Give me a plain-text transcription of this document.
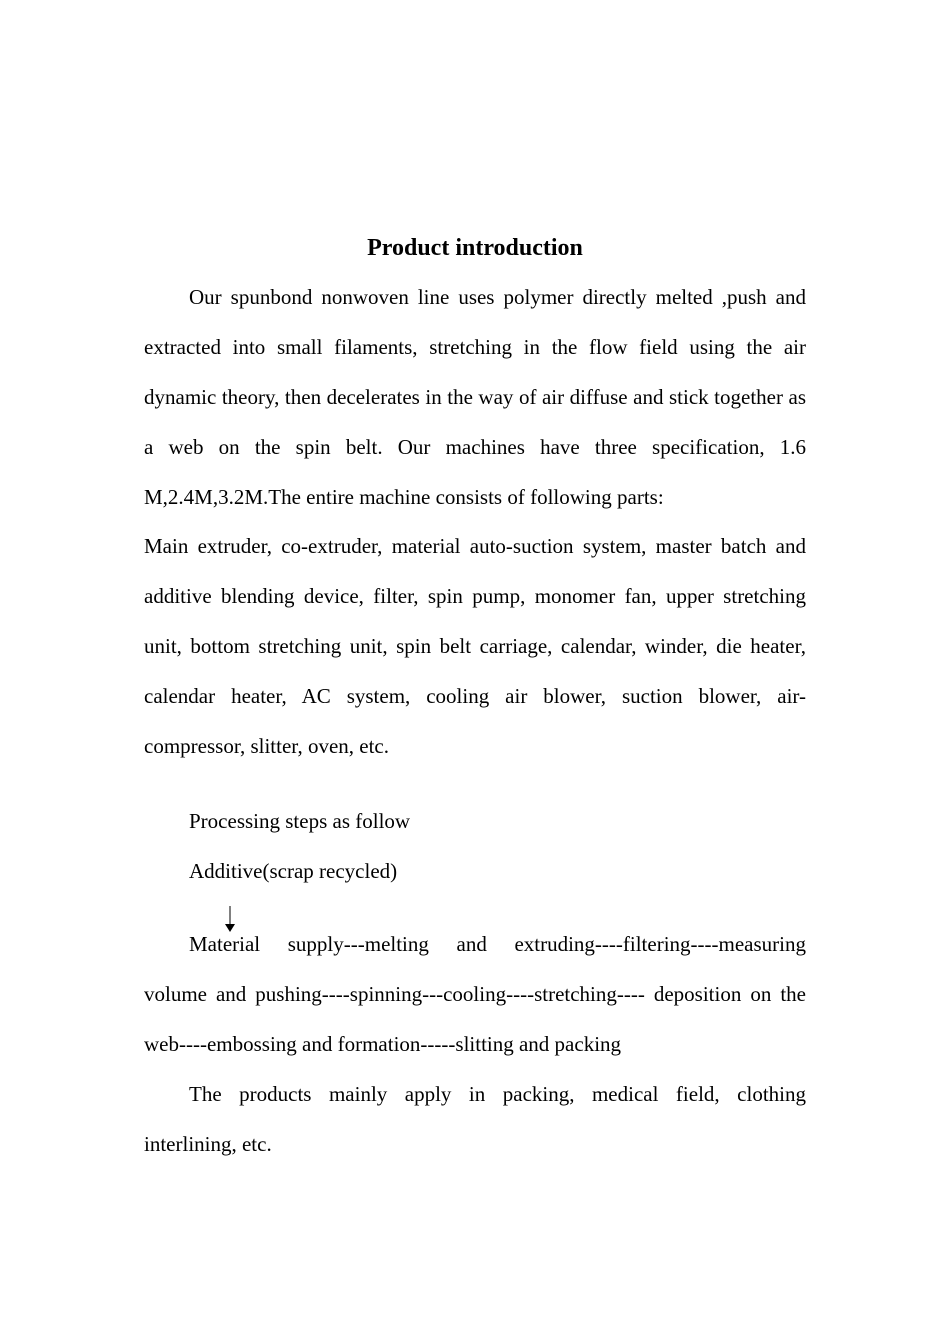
Product introduction

Our spunbond nonwoven line uses polymer directly melted ,push and extracted into small filaments, stretching in the flow field using the air dynamic theory, then decelerates in the way of air diffuse and stick together as a web on the spin belt. Our machines have three specification, 1.6 M,2.4M,3.2M.The entire machine consists of following parts:

Main extruder, co-extruder, material auto-suction system, master batch and additive blending device, filter, spin pump, monomer fan, upper stretching unit, bottom stretching unit, spin belt carriage, calendar, winder, die heater, calendar heater, AC system, cooling air blower, suction blower, air-compressor, slitter, oven, etc.

Processing steps as follow
Additive(scrap recycled)

Material supply---melting and extruding----filtering----measuring volume and pushing----spinning---cooling----stretching---- deposition on the web----embossing and formation-----slitting and packing

The products mainly apply in packing, medical field, clothing interlining, etc.
